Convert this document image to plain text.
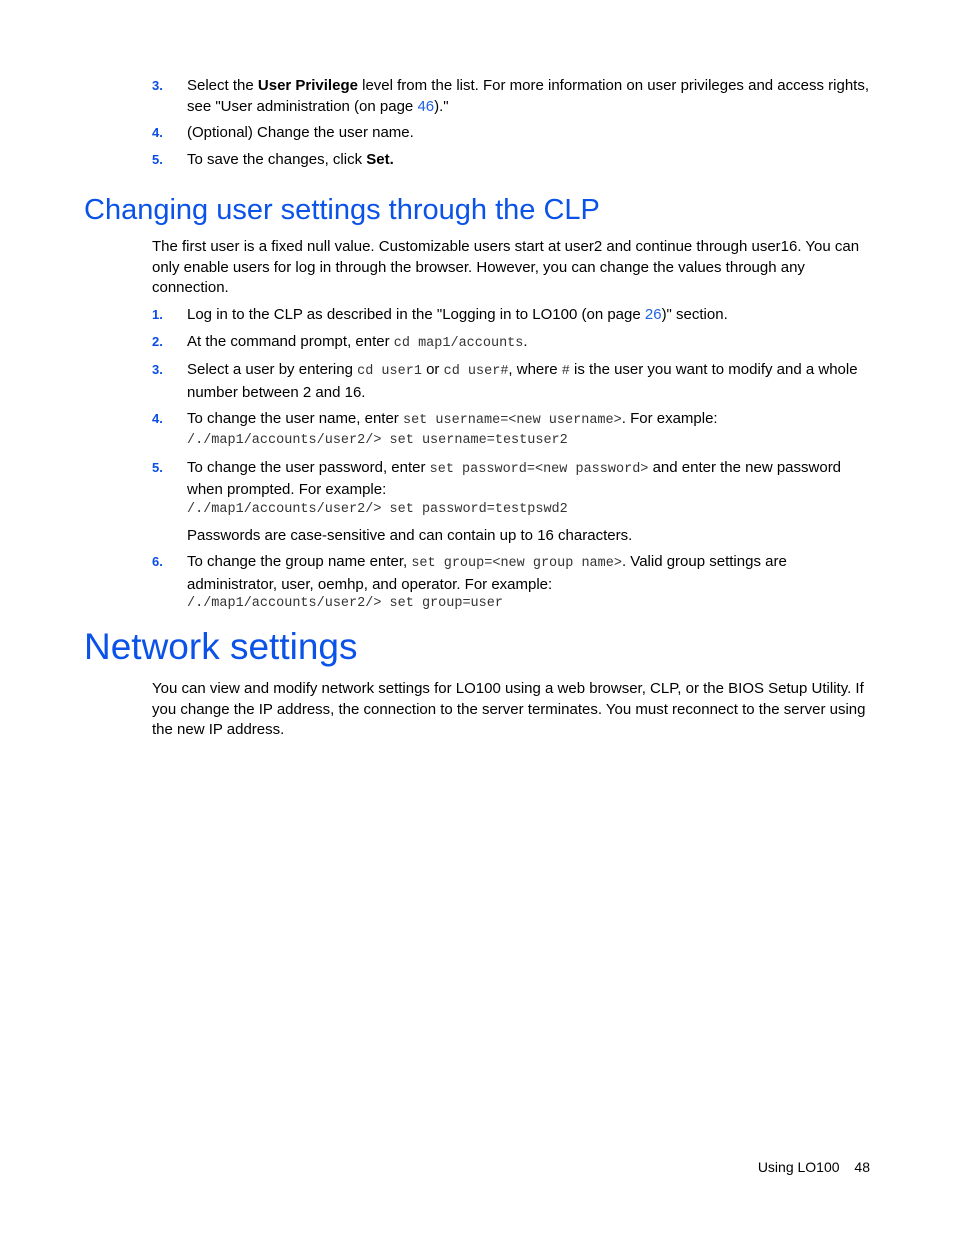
3. Select the User Privilege level from the list. For more information on user privileges and access rights, see "User administration (on page 46)."
4. (Optional) Change the user name.
5. To save the changes, click Set.
Changing user settings through the CLP

The first user is a fixed null value. Customizable users start at user2 and continue through user16. You can only enable users for log in through the browser. However, you can change the values through any connection.

1. Log in to the CLP as described in the "Logging in to LO100 (on page 26)" section.
2. At the command prompt, enter cd map1/accounts.
3. Select a user by entering cd user1 or cd user#, where # is the user you want to modify and a whole number between 2 and 16.
4. To change the user name, enter set username=<new username>. For example:
/./map1/accounts/user2/> set username=testuser2
5. To change the user password, enter set password=<new password> and enter the new password when prompted. For example:
/./map1/accounts/user2/> set password=testpswd2
Passwords are case-sensitive and can contain up to 16 characters.
6. To change the group name enter, set group=<new group name>. Valid group settings are administrator, user, oemhp, and operator. For example:
/./map1/accounts/user2/> set group=user
Network settings

You can view and modify network settings for LO100 using a web browser, CLP, or the BIOS Setup Utility. If you change the IP address, the connection to the server terminates. You must reconnect to the server using the new IP address.

Using LO100 48
